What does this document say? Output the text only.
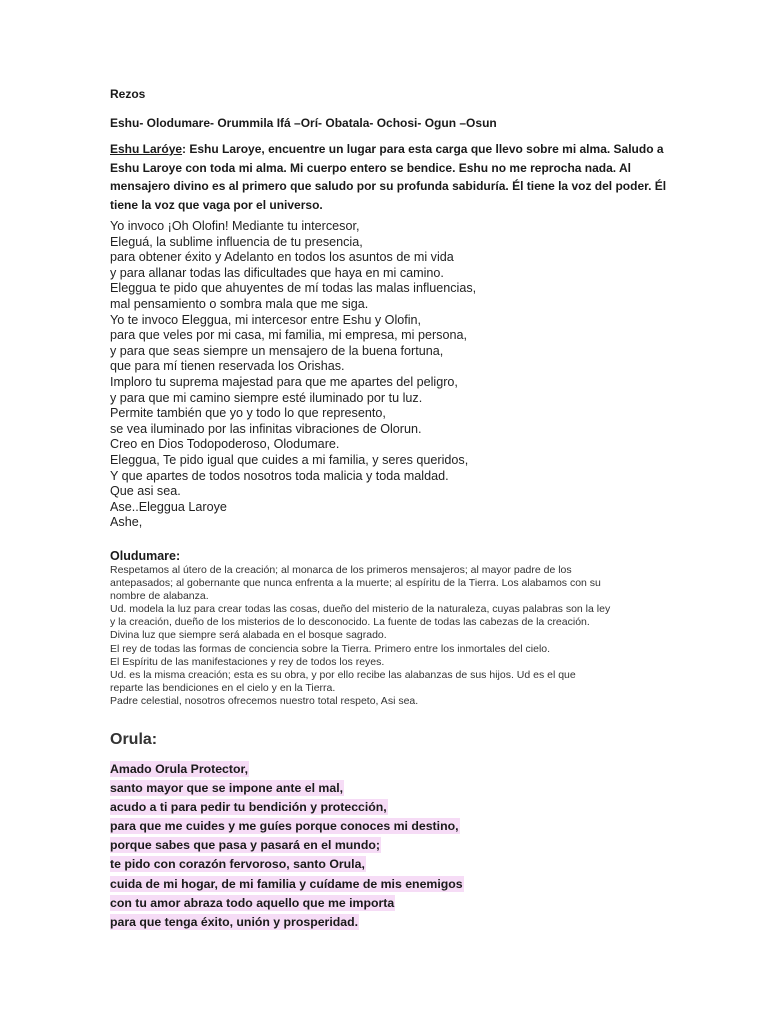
Rezos

Eshu- Olodumare- Orummila Ifá –Orí- Obatala- Ochosi- Ogun –Osun

Eshu Laróye: Eshu Laroye, encuentre un lugar para esta carga que llevo sobre mi alma. Saludo a Eshu Laroye con toda mi alma. Mi cuerpo entero se bendice. Eshu no me reprocha nada. Al mensajero divino es al primero que saludo por su profunda sabiduría. Él tiene la voz del poder. Él tiene la voz que vaga por el universo.

Yo invoco ¡Oh Olofin! Mediante tu intercesor,
Eleguá, la sublime influencia de tu presencia,
para obtener éxito y Adelanto en todos los asuntos de mi vida
y para allanar todas las dificultades que haya en mi camino.
Eleggua te pido que ahuyentes de mí todas las malas influencias,
mal pensamiento o sombra mala que me siga.
Yo te invoco Eleggua, mi intercesor entre Eshu y Olofin,
para que veles por mi casa, mi familia, mi empresa, mi persona,
y para que seas siempre un mensajero de la buena fortuna,
que para mí tienen reservada los Orishas.
Imploro tu suprema majestad para que me apartes del peligro,
y para que mi camino siempre esté iluminado por tu luz.
Permite también que yo y todo lo que represento,
se vea iluminado por las infinitas vibraciones de Olorun.
Creo en Dios Todopoderoso, Olodumare.
Eleggua, Te pido igual que cuides a mi familia, y seres queridos,
Y que apartes de todos nosotros toda malicia y toda maldad.
Que asi sea.
Ase..Eleggua Laroye
Ashe,

Oludumare:

Respetamos al útero de la creación; al monarca de los primeros mensajeros; al mayor padre de los
antepasados; al gobernante que nunca enfrenta a la muerte; al espíritu de la Tierra. Los alabamos con su
nombre de alabanza.
Ud. modela la luz para crear todas las cosas, dueño del misterio de la naturaleza, cuyas palabras son la ley
y la creación, dueño de los misterios de lo desconocido. La fuente de todas las cabezas de la creación.
Divina luz que siempre será alabada en el bosque sagrado.
El rey de todas las formas de conciencia sobre la Tierra. Primero entre los inmortales del cielo.
El Espíritu de las manifestaciones y rey de todos los reyes.
Ud. es la misma creación; esta es su obra, y por ello recibe las alabanzas de sus hijos. Ud es el que
reparte las bendiciones en el cielo y en la Tierra.
Padre celestial, nosotros ofrecemos nuestro total respeto, Asi sea.

Orula:

Amado Orula Protector,
santo mayor que se impone ante el mal,
acudo a ti para pedir tu bendición y protección,
para que me cuides y me guíes porque conoces mi destino,
porque sabes que pasa y pasará en el mundo;
te pido con corazón fervoroso, santo Orula,
cuida de mi hogar, de mi familia y cuídame de mis enemigos
con tu amor abraza todo aquello que me importa
para que tenga éxito, unión y prosperidad.
